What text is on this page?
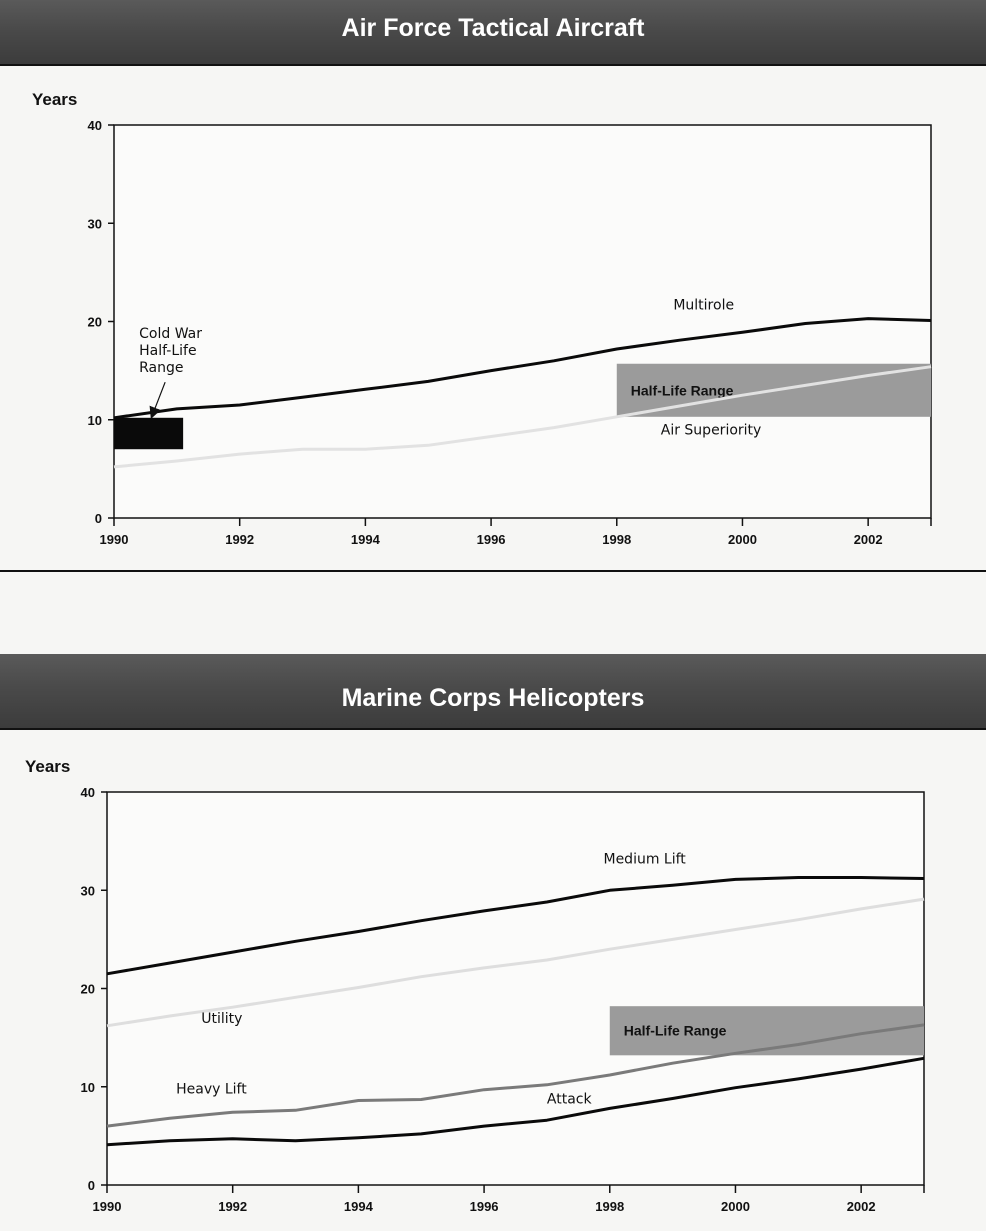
Air Force Tactical Aircraft
Half-Life Range
0
10
20
30
40
1990	1992	1994	1996	1998	2000	2002
Years
Cold War
Half-Life
Range
Multirole
Air Superiority
Marine Corps Helicopters
Half-Life Range
0
10
20
30
40
1990	1992	1994	1996	1998	2000	2002
Years
Medium Lift
Utility
Heavy Lift
Attack
